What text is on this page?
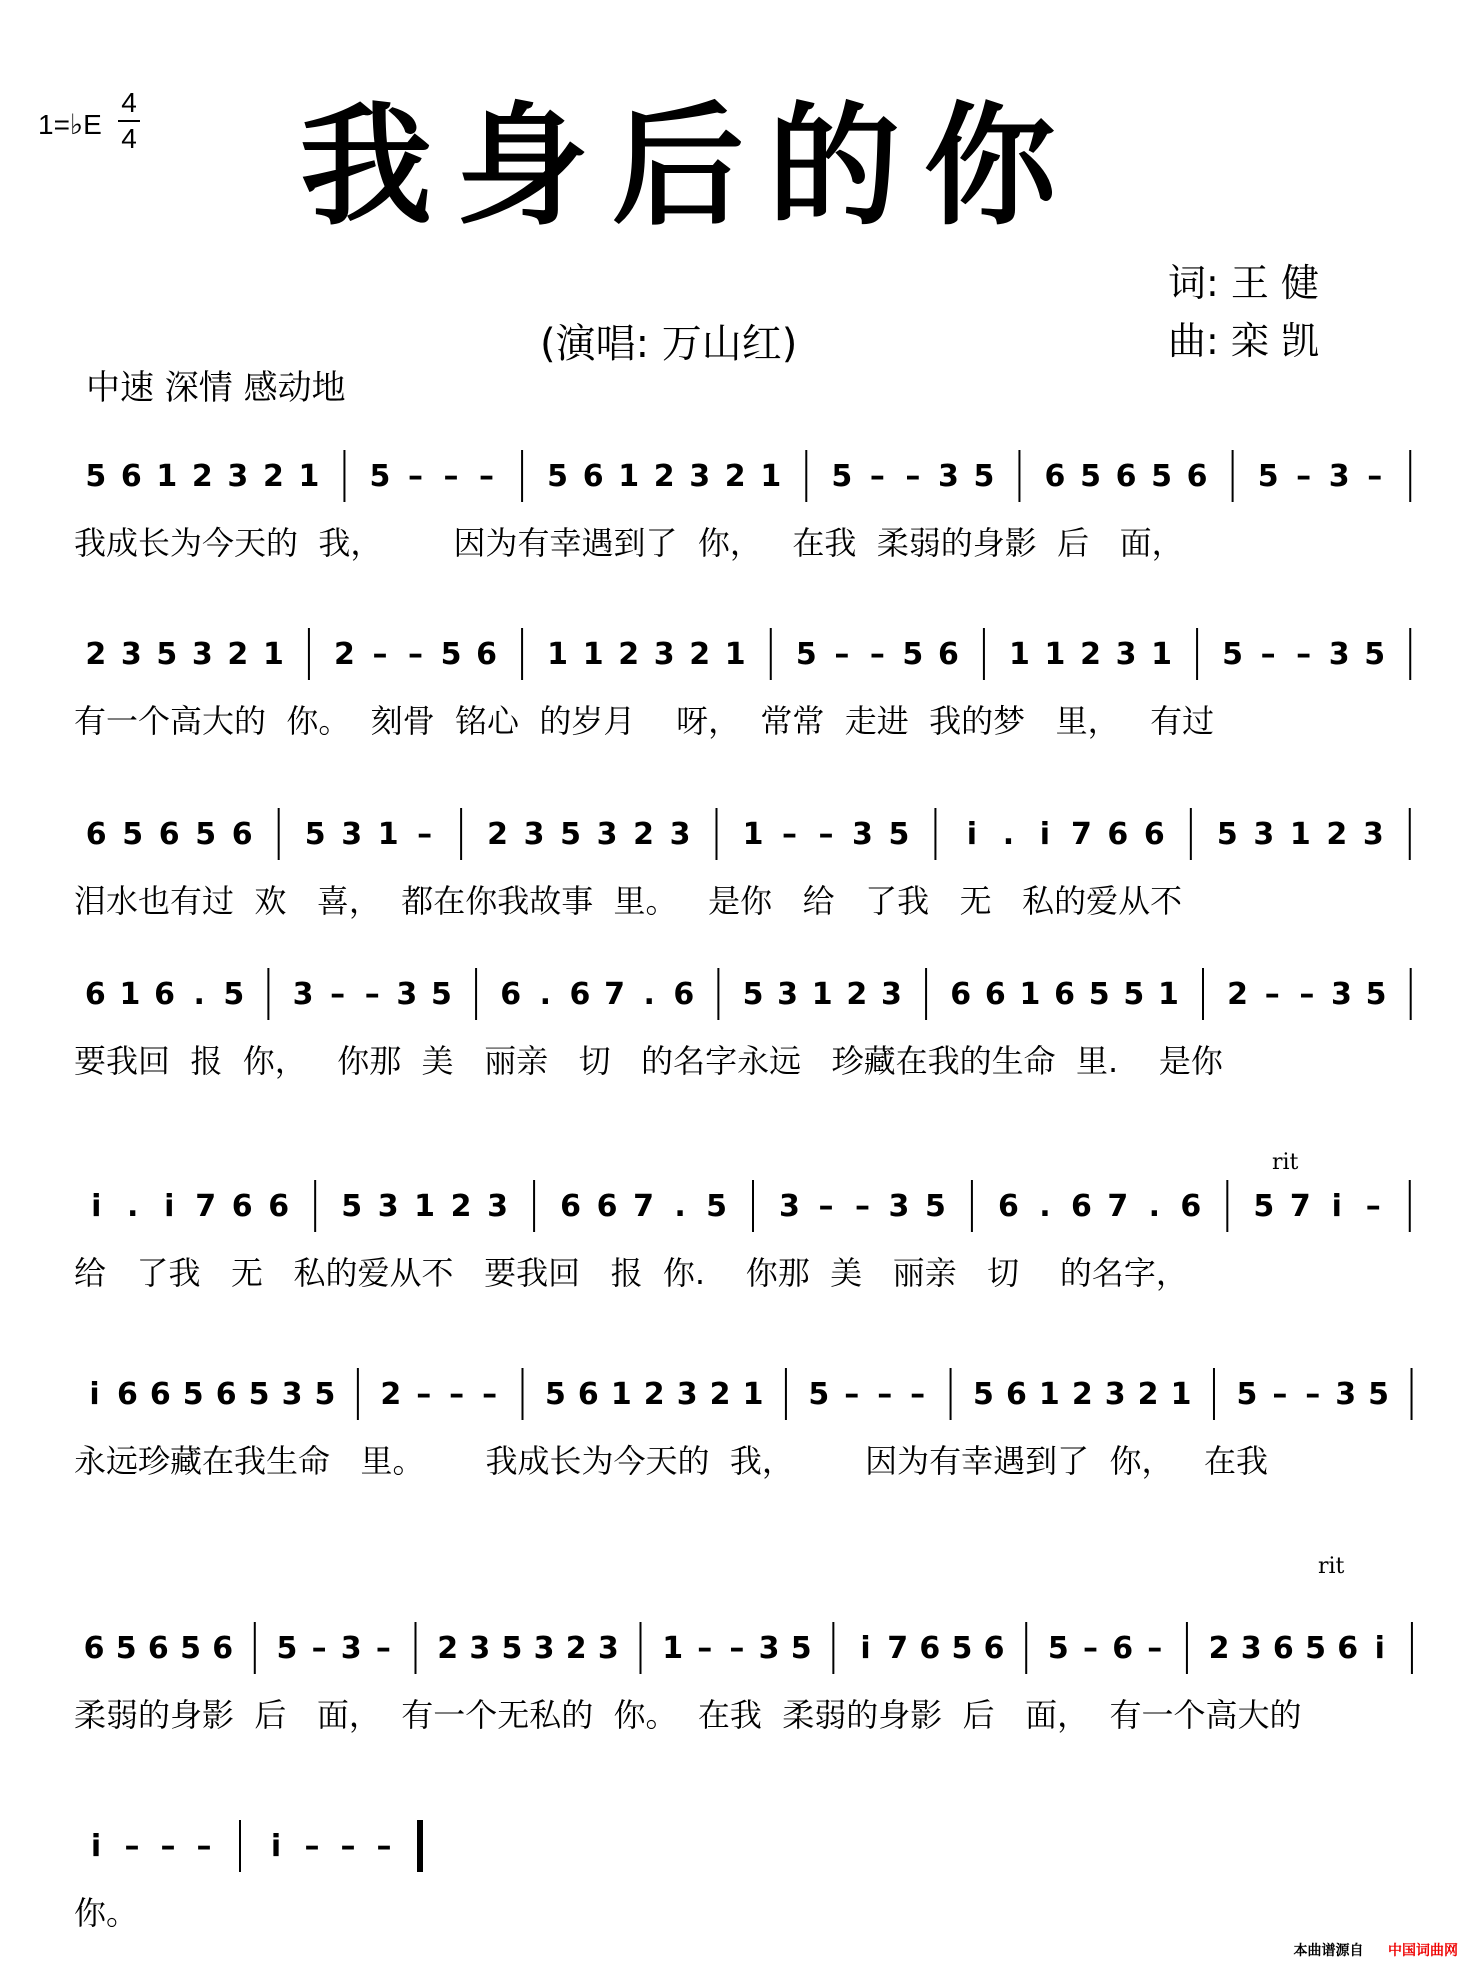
1=♭E
4
4 我身后的你
词: 王 健
曲: 栾 凯
(演唱: 万山红)
中速 深情 感动地
5 6 1 2 3 2 1 5 – – – 5 6 1 2 3 2 1 5 – – 3 5 6 5 6 5 6 5 – 3 –
我成长为今天的  我，       因为有幸遇到了  你，   在我  柔弱的身影  后   面，
2 3 5 3 2 1 2 – – 5 6 1 1 2 3 2 1 5 – – 5 6 1 1 2 3 1 5 – – 3 5
有一个高大的  你。  刻骨  铭心  的岁月    呀，  常常  走进  我的梦   里，   有过
6 5 6 5 6 5 3 1 – 2 3 5 3 2 3 1 – – 3 5 i . i 7 6 6 5 3 1 2 3
泪水也有过  欢   喜，  都在你我故事  里。   是你   给   了我   无   私的爱从不
6 1 6 . 5 3 – – 3 5 6 . 6 7 . 6 5 3 1 2 3 6 6 1 6 5 5 1 2 – – 3 5
要我回  报  你，   你那  美   丽亲   切   的名字永远   珍藏在我的生命  里.    是你
rit
i . i 7 6 6 5 3 1 2 3 6 6 7 . 5 3 – – 3 5 6 . 6 7 . 6 5 7 i –
给   了我   无   私的爱从不   要我回   报  你.    你那  美   丽亲   切    的名字，
i 6 6 5 6 5 3 5 2 – – – 5 6 1 2 3 2 1 5 – – – 5 6 1 2 3 2 1 5 – – 3 5
永远珍藏在我生命   里。      我成长为今天的  我，       因为有幸遇到了  你，   在我
rit
6 5 6 5 6 5 – 3 – 2 3 5 3 2 3 1 – – 3 5 i 7 6 5 6 5 – 6 – 2 3 6 5 6 i
柔弱的身影  后   面，  有一个无私的  你。  在我  柔弱的身影  后   面，  有一个高大的
i – – – i – – –
你。
本曲谱源自 中国词曲网
